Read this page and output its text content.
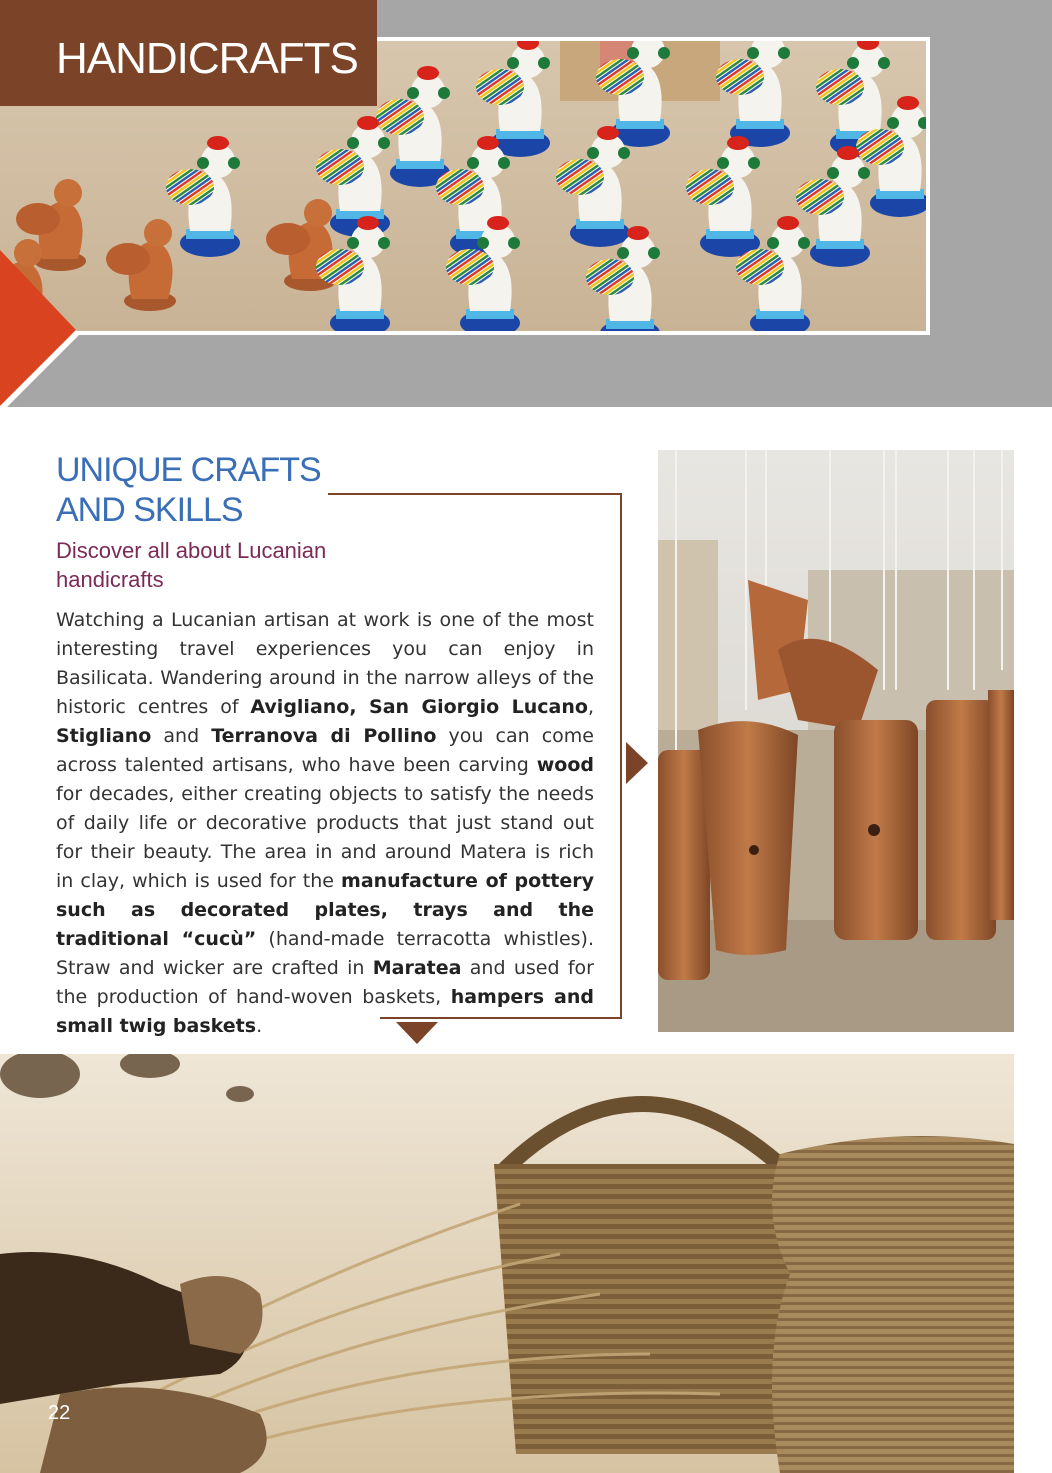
HANDICRAFTS
UNIQUE CRAFTS
AND SKILLS
Discover all about Lucanian
handicrafts

Watching a Lucanian artisan at work is one of the most interesting travel experiences you can enjoy in Basilicata. Wandering around in the narrow alleys of the historic centres of Avigliano, San Giorgio Lucano, Stigliano and Terranova di Pollino you can come across talented artisans, who have been carving wood for decades, either creating objects to satisfy the needs of daily life or decorative products that just stand out for their beauty. The area in and around Matera is rich in clay, which is used for the manufacture of pottery such as decorated plates, trays and the traditional “cucù” (hand-made terracotta whistles). Straw and wicker are crafted in Maratea and used for the production of hand-woven baskets, hampers and small twig baskets.

22
